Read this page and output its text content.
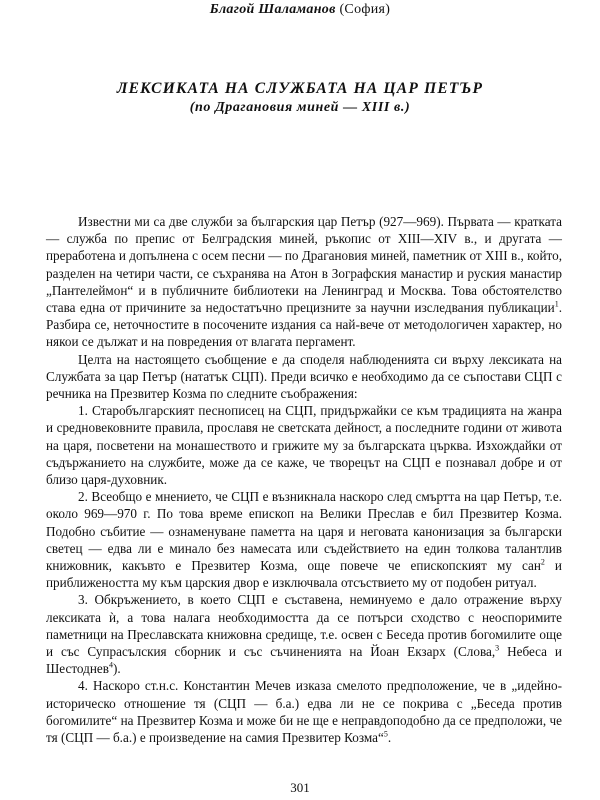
Благой Шаламанов (София)
ЛЕКСИКАТА НА СЛУЖБАТА НА ЦАР ПЕТЪР
(по Драгановия миней — XIII в.)

Известни ми са две служби за българския цар Петър (927—969). Първата — кратката — служба по препис от Белградския миней, ръкопис от XIII—XIV в., и другата — преработена и допълнена с осем песни — по Драгановия миней, паметник от XIII в., който, разделен на четири части, се съхранява на Атон в Зографския манастир и руския манастир „Пантелеймон“ и в публичните библиотеки на Ленинград и Москва. Това обстоятелство става една от причините за недостатъчно прецизните за научни изследвания публикации$^1$. Разбира се, неточностите в посочените издания са най-вече от методологичен характер, но някои се дължат и на повредения от влагата пергамент.

Целта на настоящето съобщение е да споделя наблюденията си върху лексиката на Службата за цар Петър (нататък СЦП). Преди всичко е необходимо да се съпостави СЦП с речника на Презвитер Козма по следните съображения:

1. Старобългарският песнописец на СЦП, придържайки се към традицията на жанра и средновековните правила, прославя не светската дейност, а последните години от живота на царя, посветени на монашеството и грижите му за българската църква. Изхождайки от съдържанието на службите, може да се каже, че творецът на СЦП е познавал добре и от близо царя-духовник.

2. Всеобщо е мнението, че СЦП е възникнала наскоро след смъртта на цар Петър, т.е. около 969—970 г. По това време епископ на Велики Преслав е бил Презвитер Козма. Подобно събитие — ознаменуване паметта на царя и неговата канонизация за български светец — едва ли е минало без намесата или съдействието на един толкова талантлив книжовник, какъвто е Презвитер Козма, още повече че епископският му сан$^2$ и приближеността му към царския двор е изключвала отсъствието му от подобен ритуал.

3. Обкръжението, в което СЦП е съставена, неминуемо е дало отражение върху лексиката ѝ, а това налага необходимостта да се потърси сходство с неоспоримите паметници на Преславската книжовна средище, т.е. освен с Беседа против богомилите още и със Супрасълския сборник и със съчиненията на Йоан Екзарх (Слова,$^3$ Небеса и Шестоднев$^4$).

4. Наскоро ст.н.с. Константин Мечев изказа смелото предположение, че в „идейно-историческо отношение тя (СЦП — б.а.) едва ли не се покрива с „Беседа против богомилите“ на Презвитер Козма и може би не ще е неправдоподобно да се предположи, че тя (СЦП — б.а.) е произведение на самия Презвитер Козма“$^5$.

301
